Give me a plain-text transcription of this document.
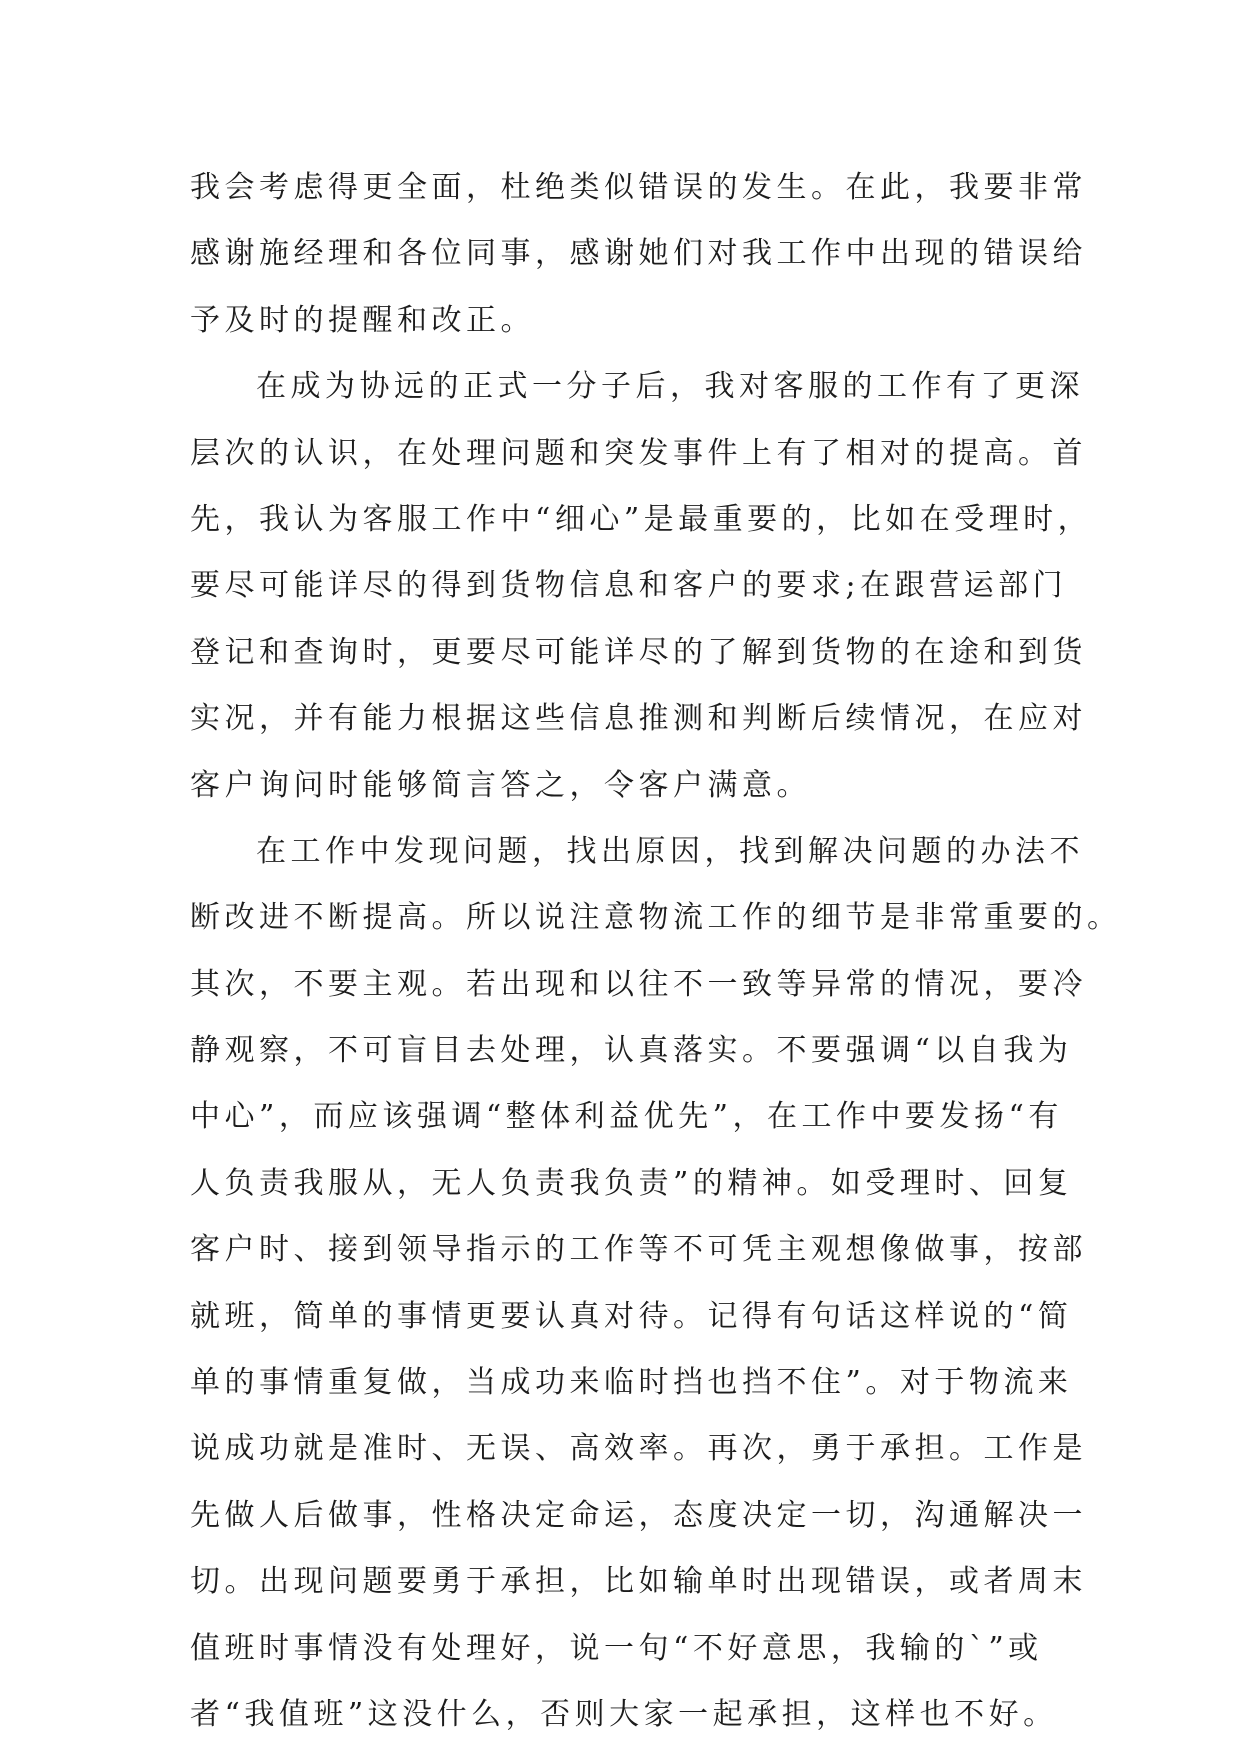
我会考虑得更全面，杜绝类似错误的发生。在此，我要非常
感谢施经理和各位同事，感谢她们对我工作中出现的错误给
予及时的提醒和改正。
在成为协远的正式一分子后，我对客服的工作有了更深
层次的认识，在处理问题和突发事件上有了相对的提高。首
先，我认为客服工作中“细心”是最重要的，比如在受理时，
要尽可能详尽的得到货物信息和客户的要求;在跟营运部门
登记和查询时，更要尽可能详尽的了解到货物的在途和到货
实况，并有能力根据这些信息推测和判断后续情况，在应对
客户询问时能够简言答之，令客户满意。
在工作中发现问题，找出原因，找到解决问题的办法不
断改进不断提高。所以说注意物流工作的细节是非常重要的。
其次，不要主观。若出现和以往不一致等异常的情况，要冷
静观察，不可盲目去处理，认真落实。不要强调“以自我为
中心”，而应该强调“整体利益优先”，在工作中要发扬“有
人负责我服从，无人负责我负责”的精神。如受理时、回复
客户时、接到领导指示的工作等不可凭主观想像做事，按部
就班，简单的事情更要认真对待。记得有句话这样说的“简
单的事情重复做，当成功来临时挡也挡不住”。对于物流来
说成功就是准时、无误、高效率。再次，勇于承担。工作是
先做人后做事，性格决定命运，态度决定一切，沟通解决一
切。出现问题要勇于承担，比如输单时出现错误，或者周末
值班时事情没有处理好，说一句“不好意思，我输的`”或
者“我值班”这没什么，否则大家一起承担，这样也不好。
